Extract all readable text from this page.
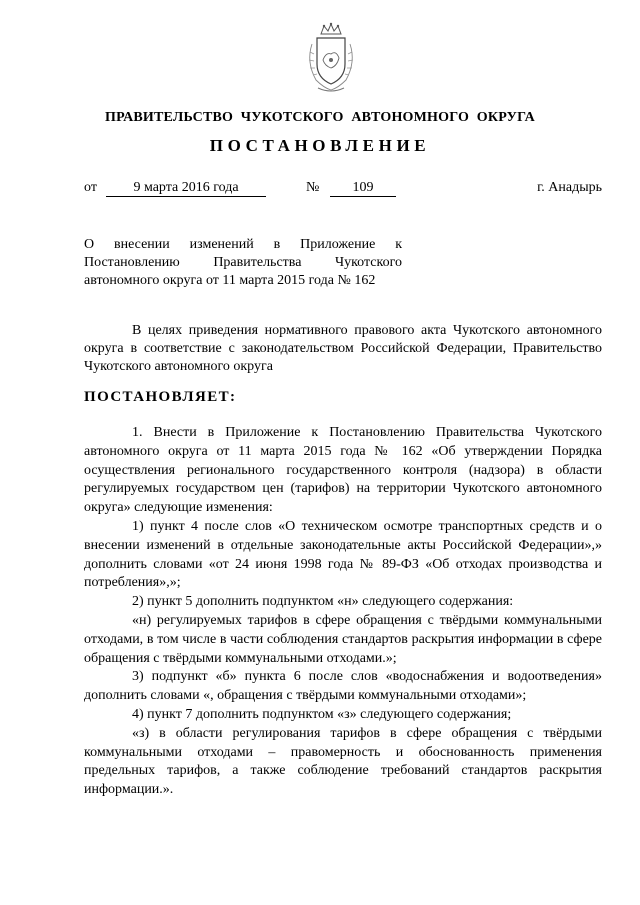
ПРАВИТЕЛЬСТВО ЧУКОТСКОГО АВТОНОМНОГО ОКРУГА
ПОСТАНОВЛЕНИЕ
от	9 марта 2016 года	№	109	г. Анадырь
О внесении изменений в Приложение к
Постановлению Правительства Чукотского
автономного округа от 11 марта 2015 года № 162
В целях приведения нормативного правового акта Чукотского автономного округа в соответствие с законодательством Российской Федерации, Правительство Чукотского автономного округа
ПОСТАНОВЛЯЕТ:

1. Внести в Приложение к Постановлению Правительства Чукотского автономного округа от 11 марта 2015 года № 162 «Об утверждении Порядка осуществления регионального государственного контроля (надзора) в области регулируемых государством цен (тарифов) на территории Чукотского автономного округа» следующие изменения:

1) пункт 4 после слов «О техническом осмотре транспортных средств и о внесении изменений в отдельные законодательные акты Российской Федерации»,» дополнить словами «от 24 июня 1998 года № 89-ФЗ «Об отходах производства и потребления»,»;

2) пункт 5 дополнить подпунктом «н» следующего содержания:

«н) регулируемых тарифов в сфере обращения с твёрдыми коммунальными отходами, в том числе в части соблюдения стандартов раскрытия информации в сфере обращения с твёрдыми коммунальными отходами.»;

3) подпункт «б» пункта 6 после слов «водоснабжения и водоотведения» дополнить словами «, обращения с твёрдыми коммунальными отходами»;

4) пункт 7 дополнить подпунктом «з» следующего содержания;

«з) в области регулирования тарифов в сфере обращения с твёрдыми коммунальными отходами – правомерность и обоснованность применения предельных тарифов, а также соблюдение требований стандартов раскрытия информации.».
